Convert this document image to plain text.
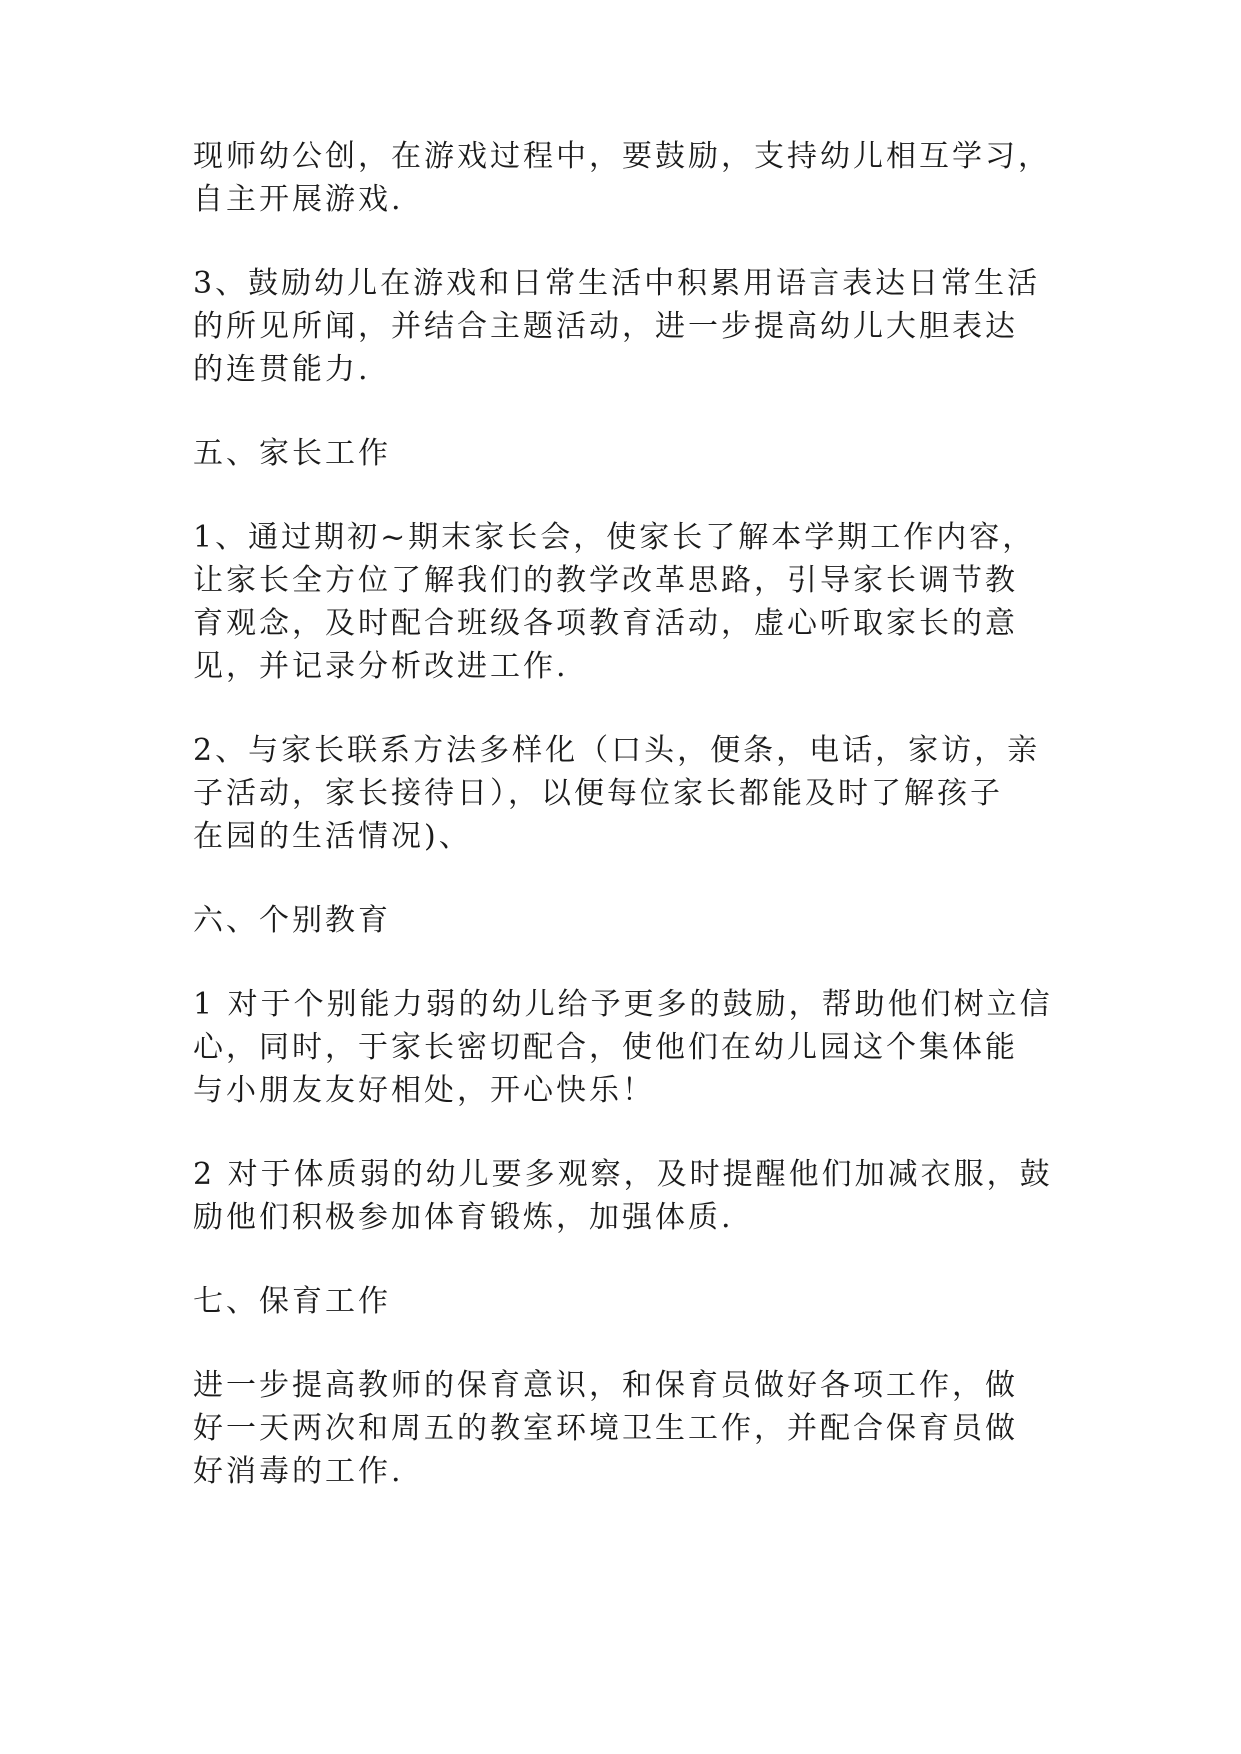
现师幼公创，在游戏过程中，要鼓励，支持幼儿相互学习，
自主开展游戏.

3、鼓励幼儿在游戏和日常生活中积累用语言表达日常生活
的所见所闻，并结合主题活动，进一步提高幼儿大胆表达
的连贯能力.

五、家长工作

1、通过期初~期末家长会，使家长了解本学期工作内容，
让家长全方位了解我们的教学改革思路，引导家长调节教
育观念，及时配合班级各项教育活动，虚心听取家长的意
见，并记录分析改进工作.

2、与家长联系方法多样化（口头，便条，电话，家访，亲
子活动，家长接待日），以便每位家长都能及时了解孩子
在园的生活情况)、

六、个别教育

1 对于个别能力弱的幼儿给予更多的鼓励，帮助他们树立信
心，同时，于家长密切配合，使他们在幼儿园这个集体能
与小朋友友好相处，开心快乐！

2 对于体质弱的幼儿要多观察，及时提醒他们加减衣服，鼓
励他们积极参加体育锻炼，加强体质.

七、保育工作

进一步提高教师的保育意识，和保育员做好各项工作，做
好一天两次和周五的教室环境卫生工作，并配合保育员做
好消毒的工作.
